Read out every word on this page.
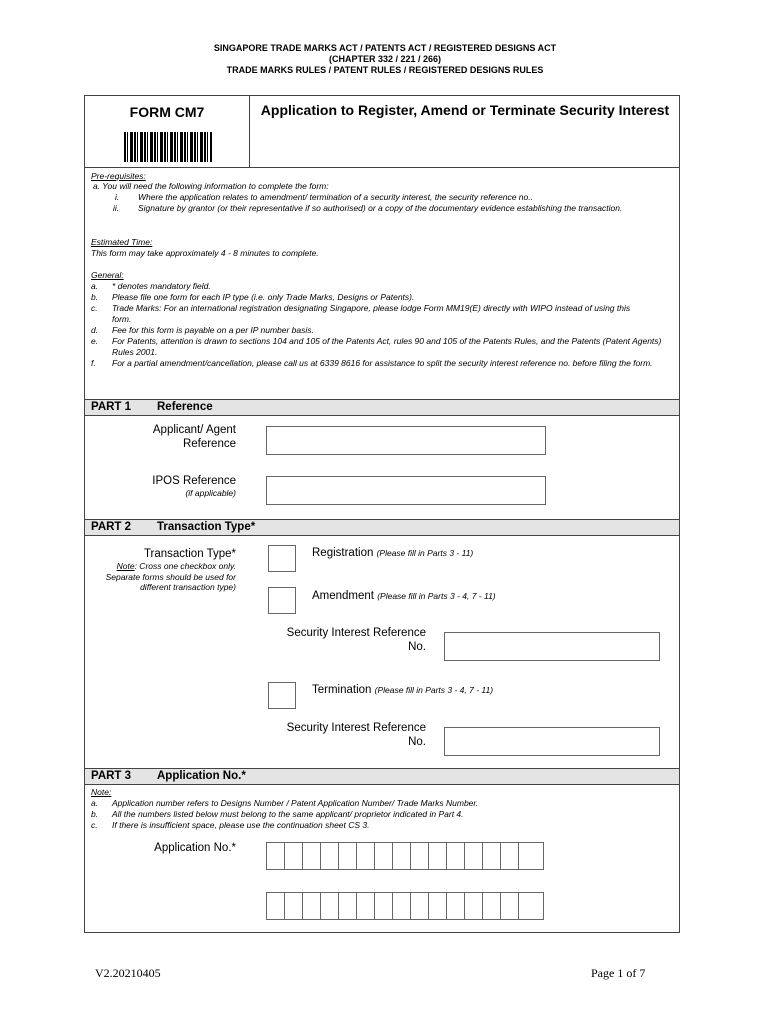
SINGAPORE TRADE MARKS ACT / PATENTS ACT / REGISTERED DESIGNS ACT
(CHAPTER 332 / 221 / 266)
TRADE MARKS RULES / PATENT RULES / REGISTERED DESIGNS RULES
FORM CM7	Application to Register, Amend or Terminate Security Interest
Pre-requisites:
a. You will need the following information to complete the form:
i. Where the application relates to amendment/ termination of a security interest, the security reference no..
ii. Signature by grantor (or their representative if so authorised) or a copy of the documentary evidence establishing the transaction.
Estimated Time:
This form may take approximately 4 - 8 minutes to complete.
General:
a. * denotes mandatory field.
b. Please file one form for each IP type (i.e. only Trade Marks, Designs or Patents).
c. Trade Marks: For an international registration designating Singapore, please lodge Form MM19(E) directly with WIPO instead of using this form.
d. Fee for this form is payable on a per IP number basis.
e. For Patents, attention is drawn to sections 104 and 105 of the Patents Act, rules 90 and 105 of the Patents Rules, and the Patents (Patent Agents) Rules 2001.
f. For a partial amendment/cancellation, please call us at 6339 8616 for assistance to split the security interest reference no. before filing the form.
PART 1 Reference
Applicant/ Agent
Reference
IPOS Reference
(if applicable)
PART 2 Transaction Type*
Transaction Type*
Note: Cross one checkbox only. Separate forms should be used for different transaction type)
Registration (Please fill in Parts 3 - 11)
Amendment (Please fill in Parts 3 - 4, 7 - 11)
Security Interest Reference
No.
Termination (Please fill in Parts 3 - 4, 7 - 11)
Security Interest Reference
No.
PART 3 Application No.*
Note:
a. Application number refers to Designs Number / Patent Application Number/ Trade Marks Number.
b. All the numbers listed below must belong to the same applicant/ proprietor indicated in Part 4.
c. If there is insufficient space, please use the continuation sheet CS 3.
Application No.*
V2.20210405	Page 1 of 7
